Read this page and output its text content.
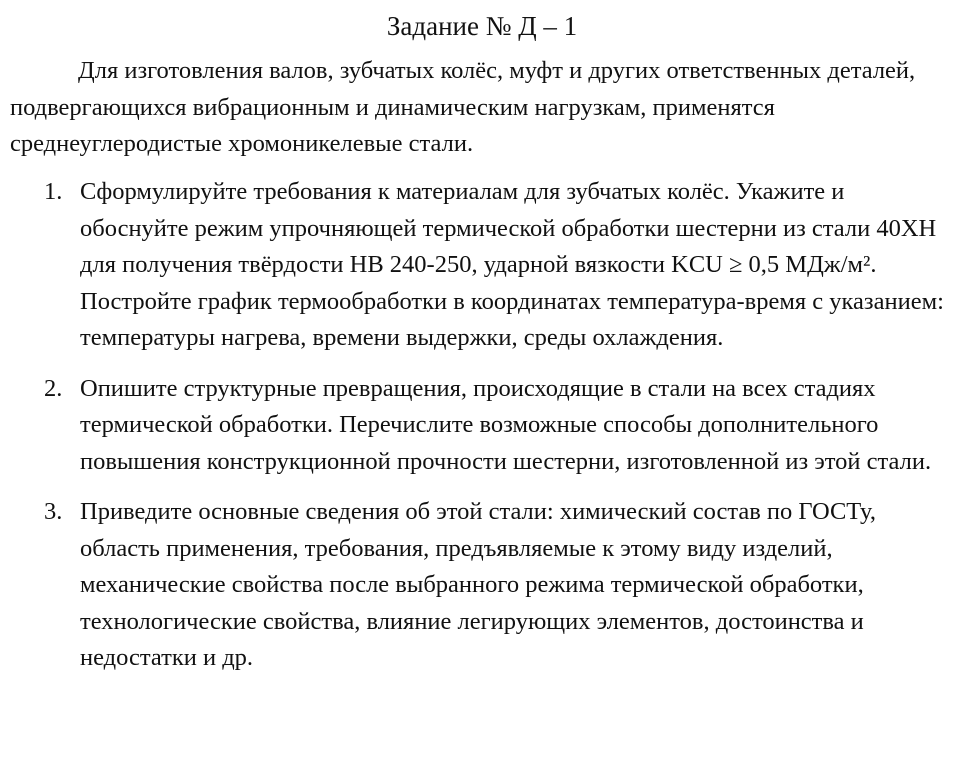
Задание № Д – 1

Для изготовления валов, зубчатых колёс, муфт и других ответственных деталей, подвергающихся вибрационным и динамическим нагрузкам, применятся среднеуглеродистые хромоникелевые стали.

1. Сформулируйте требования к материалам для зубчатых колёс. Укажите и обоснуйте режим упрочняющей термической обработки шестерни из стали 40ХН для получения твёрдости НВ 240-250, ударной вязкости KCU ≥ 0,5 МДж/м². Постройте график термообработки в координатах температура-время с указанием: температуры нагрева, времени выдержки, среды охлаждения.
2. Опишите структурные превращения, происходящие в стали на всех стадиях термической обработки. Перечислите возможные способы дополнительного повышения конструкционной прочности шестерни, изготовленной из этой стали.
3. Приведите основные сведения об этой стали: химический состав по ГОСТу, область применения, требования, предъявляемые к этому виду изделий, механические свойства после выбранного режима термической обработки, технологические свойства, влияние легирующих элементов, достоинства и недостатки и др.
